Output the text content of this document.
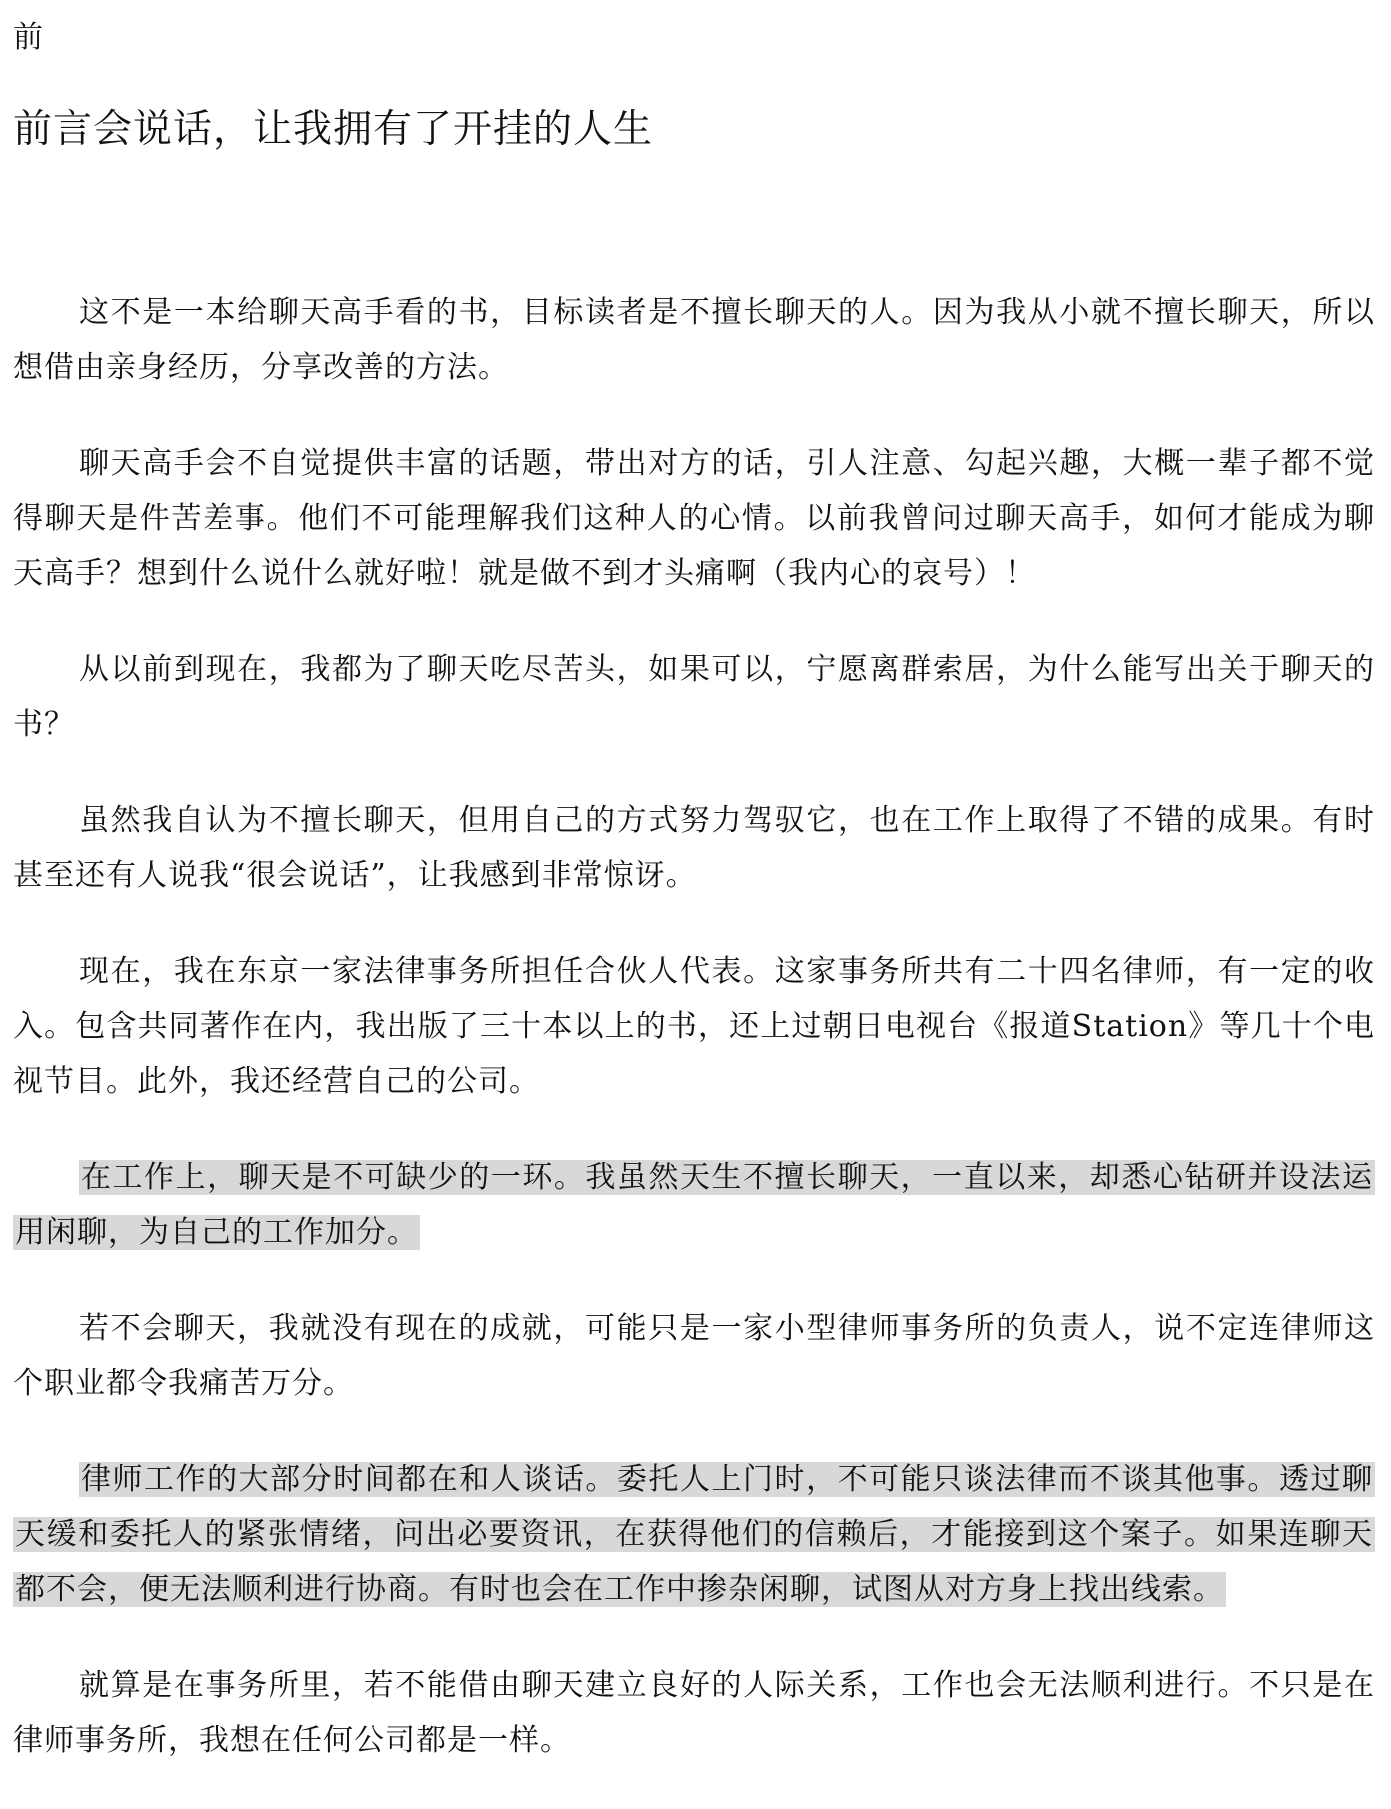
前
前言会说话，让我拥有了开挂的人生

这不是一本给聊天高手看的书，目标读者是不擅长聊天的人。因为我从小就不擅长聊天，所以想借由亲身经历，分享改善的方法。

聊天高手会不自觉提供丰富的话题，带出对方的话，引人注意、勾起兴趣，大概一辈子都不觉得聊天是件苦差事。他们不可能理解我们这种人的心情。以前我曾问过聊天高手，如何才能成为聊天高手？想到什么说什么就好啦！就是做不到才头痛啊（我内心的哀号）！

从以前到现在，我都为了聊天吃尽苦头，如果可以，宁愿离群索居，为什么能写出关于聊天的书？

虽然我自认为不擅长聊天，但用自己的方式努力驾驭它，也在工作上取得了不错的成果。有时甚至还有人说我“很会说话”，让我感到非常惊讶。

现在，我在东京一家法律事务所担任合伙人代表。这家事务所共有二十四名律师，有一定的收入。包含共同著作在内，我出版了三十本以上的书，还上过朝日电视台《报道Station》等几十个电视节目。此外，我还经营自己的公司。

在工作上，聊天是不可缺少的一环。我虽然天生不擅长聊天，一直以来，却悉心钻研并设法运用闲聊，为自己的工作加分。

若不会聊天，我就没有现在的成就，可能只是一家小型律师事务所的负责人，说不定连律师这个职业都令我痛苦万分。

律师工作的大部分时间都在和人谈话。委托人上门时，不可能只谈法律而不谈其他事。透过聊天缓和委托人的紧张情绪，问出必要资讯，在获得他们的信赖后，才能接到这个案子。如果连聊天都不会，便无法顺利进行协商。有时也会在工作中掺杂闲聊，试图从对方身上找出线索。

就算是在事务所里，若不能借由聊天建立良好的人际关系，工作也会无法顺利进行。不只是在律师事务所，我想在任何公司都是一样。
